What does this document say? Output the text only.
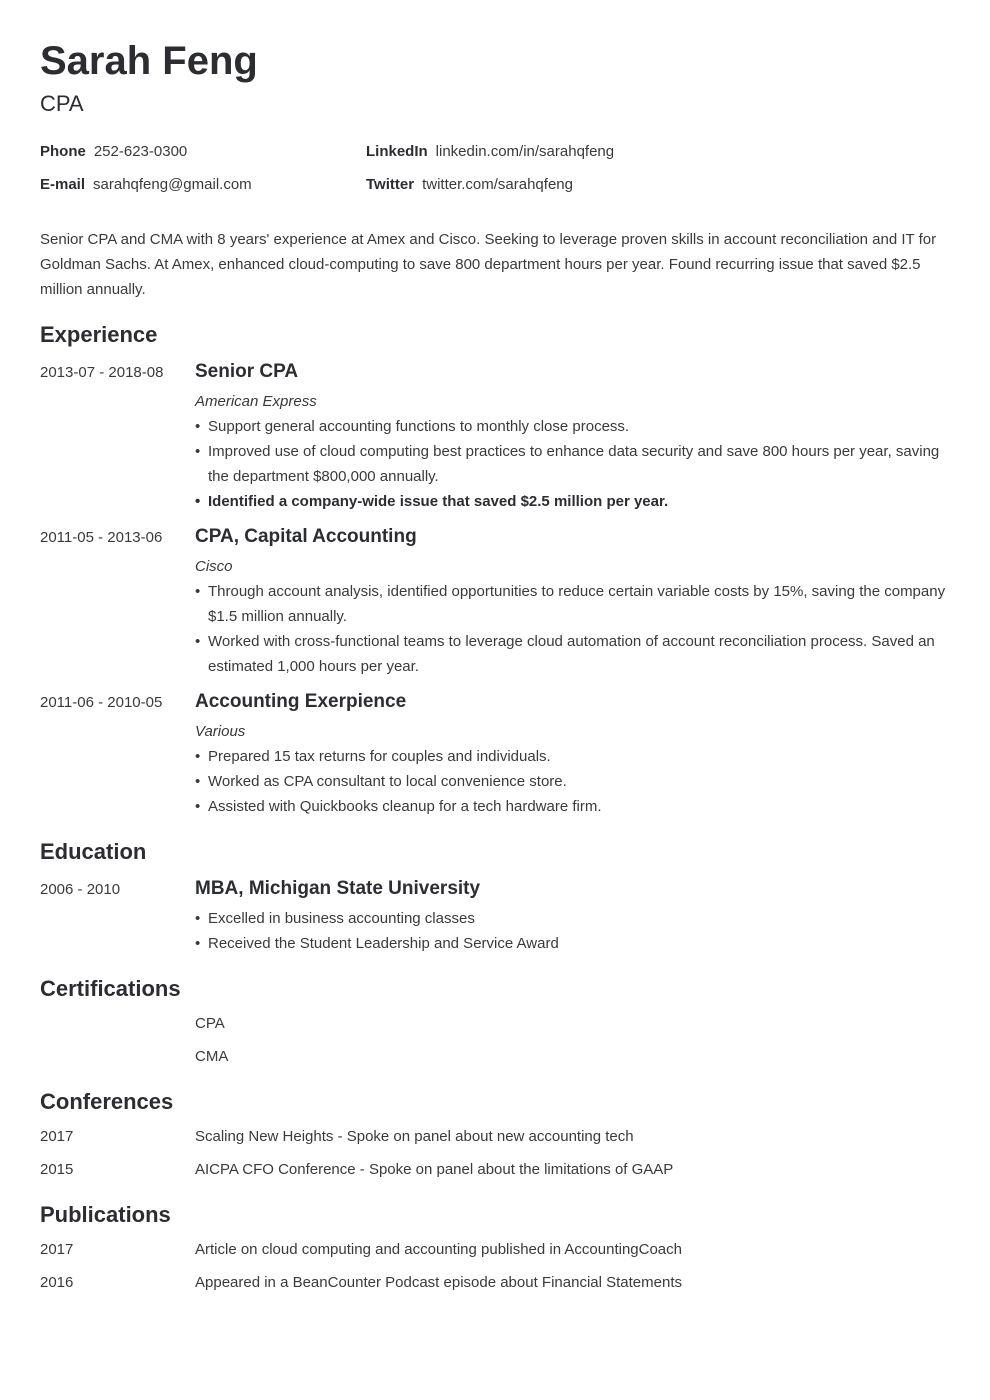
Sarah Feng
CPA
Phone 252-623-0300
E-mail sarahqfeng@gmail.com
LinkedIn linkedin.com/in/sarahqfeng
Twitter twitter.com/sarahqfeng
Senior CPA and CMA with 8 years' experience at Amex and Cisco. Seeking to leverage proven skills in account reconciliation and IT for Goldman Sachs. At Amex, enhanced cloud-computing to save 800 department hours per year. Found recurring issue that saved $2.5 million annually.
Experience
2013-07 - 2018-08 Senior CPA
American Express
• Support general accounting functions to monthly close process.
• Improved use of cloud computing best practices to enhance data security and save 800 hours per year, saving the department $800,000 annually.
• Identified a company-wide issue that saved $2.5 million per year.
2011-05 - 2013-06 CPA, Capital Accounting
Cisco
• Through account analysis, identified opportunities to reduce certain variable costs by 15%, saving the company $1.5 million annually.
• Worked with cross-functional teams to leverage cloud automation of account reconciliation process. Saved an estimated 1,000 hours per year.
2011-06 - 2010-05 Accounting Exerpience
Various
• Prepared 15 tax returns for couples and individuals.
• Worked as CPA consultant to local convenience store.
• Assisted with Quickbooks cleanup for a tech hardware firm.
Education
2006 - 2010	MBA, Michigan State University
• Excelled in business accounting classes
• Received the Student Leadership and Service Award
Certifications
CPA
CMA
Conferences
2017	Scaling New Heights - Spoke on panel about new accounting tech
2015	AICPA CFO Conference - Spoke on panel about the limitations of GAAP
Publications
2017	Article on cloud computing and accounting published in AccountingCoach
2016	Appeared in a BeanCounter Podcast episode about Financial Statements
